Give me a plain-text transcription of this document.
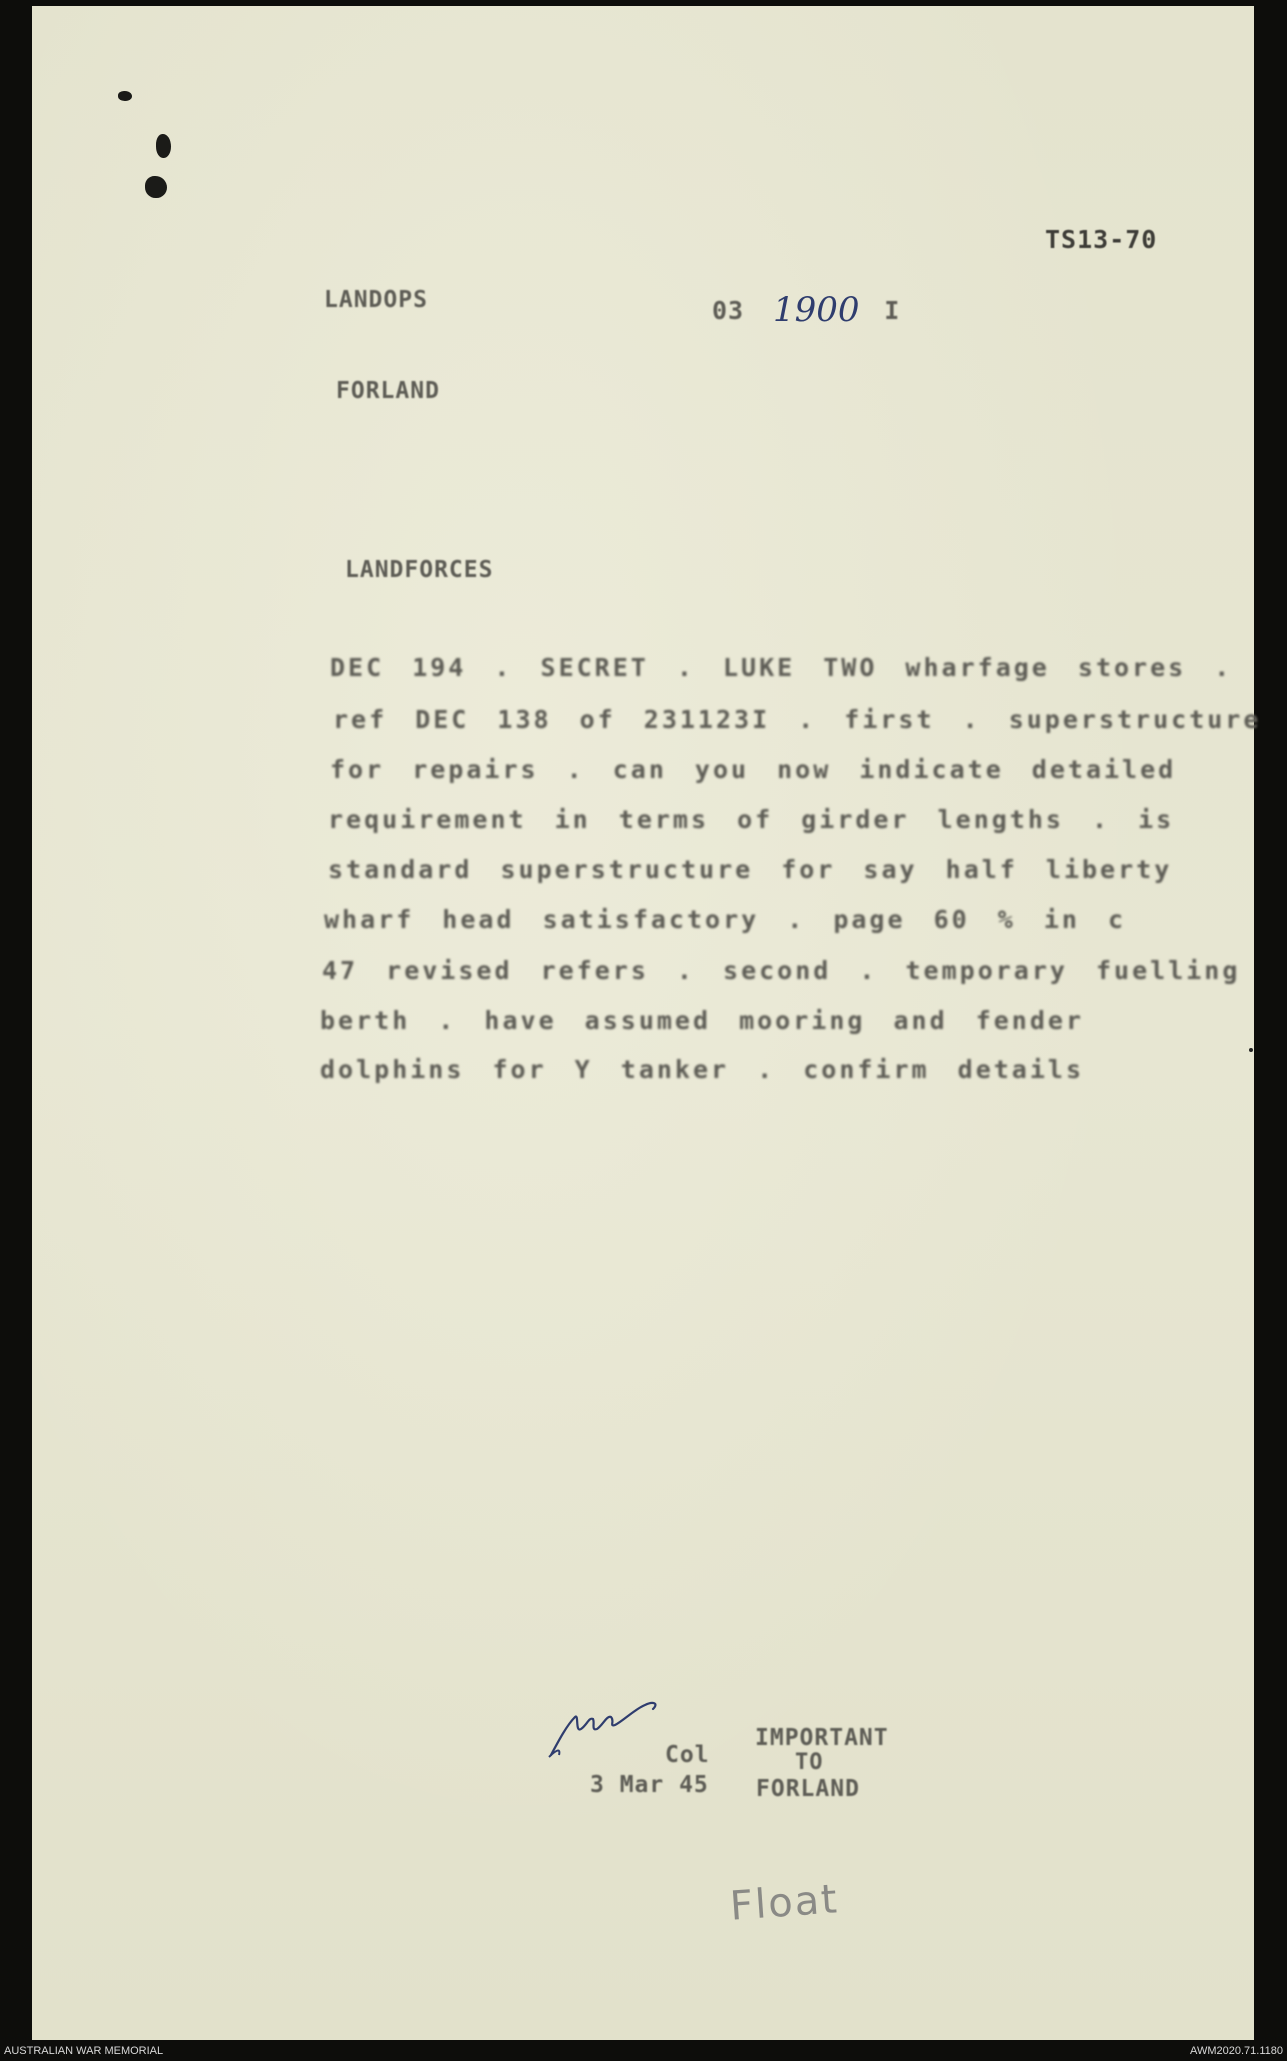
TS13-70
LANDOPS	03	I
1900
FORLAND
LANDFORCES
DEC 194 . SECRET . LUKE TWO wharfage stores .
ref DEC 138 of 231123I . first . superstructure
for repairs . can you now indicate detailed
requirement in terms of girder lengths . is
standard superstructure for say half liberty
wharf head satisfactory . page 60 % in c
47 revised refers . second . temporary fuelling
berth . have assumed mooring and fender
dolphins for Y tanker . confirm details
Col
3 Mar 45
IMPORTANT
TO
FORLAND
Float
AUSTRALIAN WAR MEMORIAL	AWM2020.71.1180
